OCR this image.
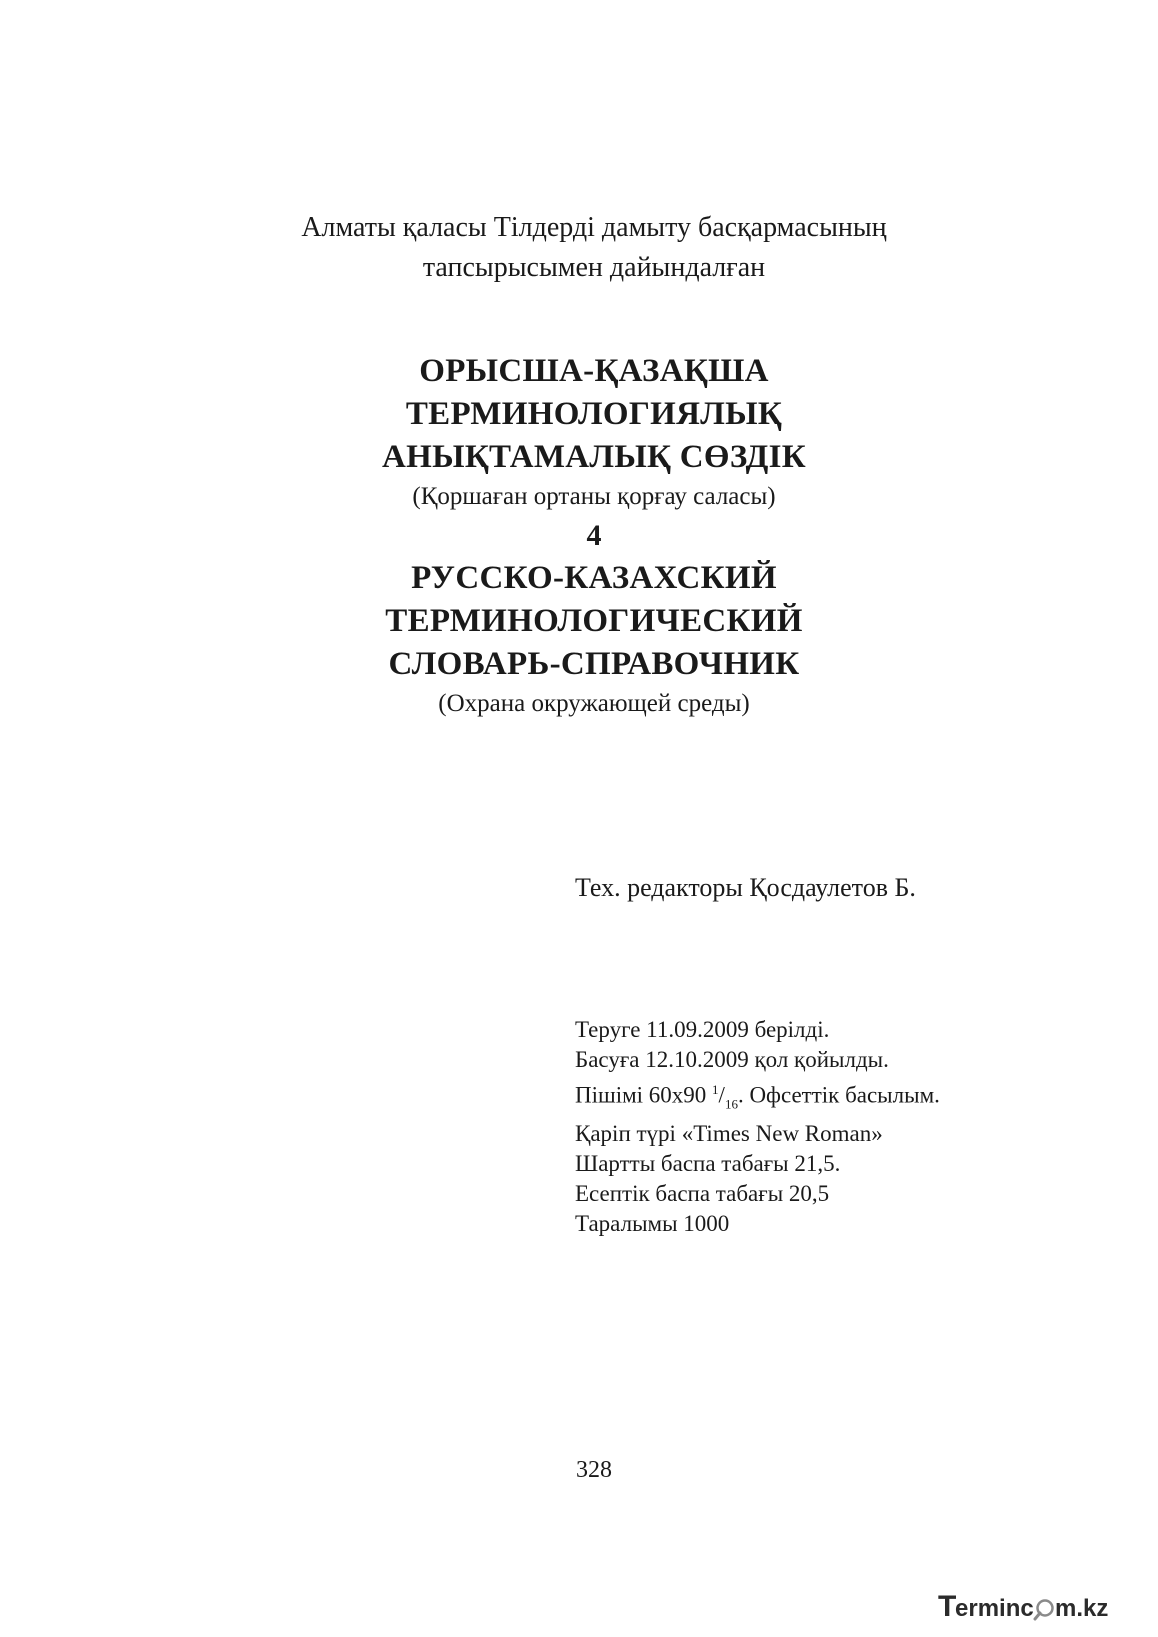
Алматы қаласы Тілдерді дамыту басқармасының
тапсырысымен дайындалған
ОРЫСША-ҚАЗАҚША
ТЕРМИНОЛОГИЯЛЫҚ
АНЫҚТАМАЛЫҚ СӨЗДІК
(Қоршаған ортаны қорғау саласы)
4
РУССКО-КАЗАХСКИЙ
ТЕРМИНОЛОГИЧЕСКИЙ
СЛОВАРЬ-СПРАВОЧНИК
(Охрана окружающей среды)
Тех. редакторы Қосдаулетов Б.
Теруге 11.09.2009 берілді.
Басуға 12.10.2009 қол қойылды.
Пішімі 60х90 $^1/_{16}$. Офсеттік басылым.
Қаріп түрі «Times New Roman»
Шартты баспа табағы 21,5.
Есептік баспа табағы 20,5
Таралымы 1000
328
T
erminc m.kz
